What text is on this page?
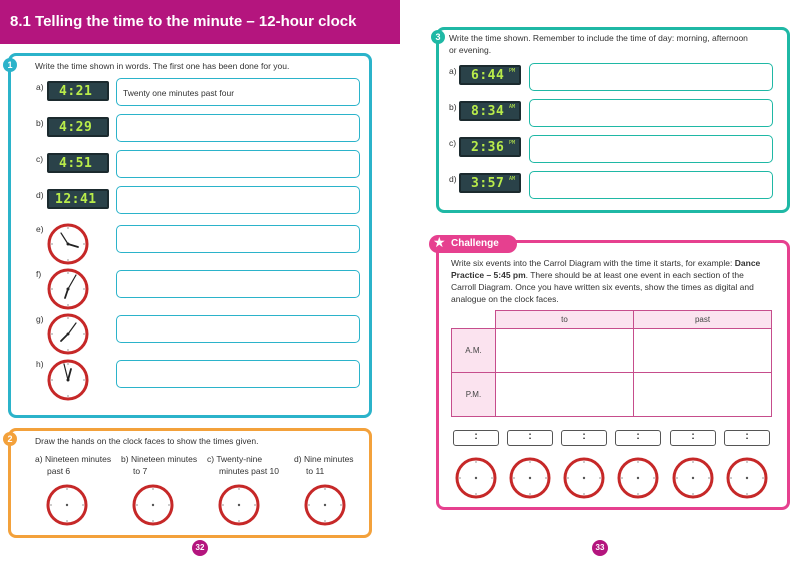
8.1 Telling the time to the minute – 12-hour clock
1	Write the time shown in words. The first one has been done for you.
a) 4:21	Twenty one minutes past four
b) 4:29
c) 4:51
d) 12:41
e)
f)
g)
h)
2	Draw the hands on the clock faces to show the times given.
a) Nineteen minutes
past 6
b) Nineteen minutes
to 7
c) Twenty-nine
minutes past 10
d) Nine minutes
to 11
3	Write the time shown. Remember to include the time of day: morning, afternoon
or evening.
a) 6:44 PM
b) 8:34 AM
c) 2:36 PM
d) 3:57 AM
★ Challenge
Write six events into the Carrol Diagram with the time it starts, for example: Dance
Practice – 5:45 pm. There should be at least one event in each section of the
Carroll Diagram. Once you have written six events, show the times as digital and
analogue on the clock faces.
	to	past
A.M.		
P.M.		
:	:	:	:	:	:
32	33
